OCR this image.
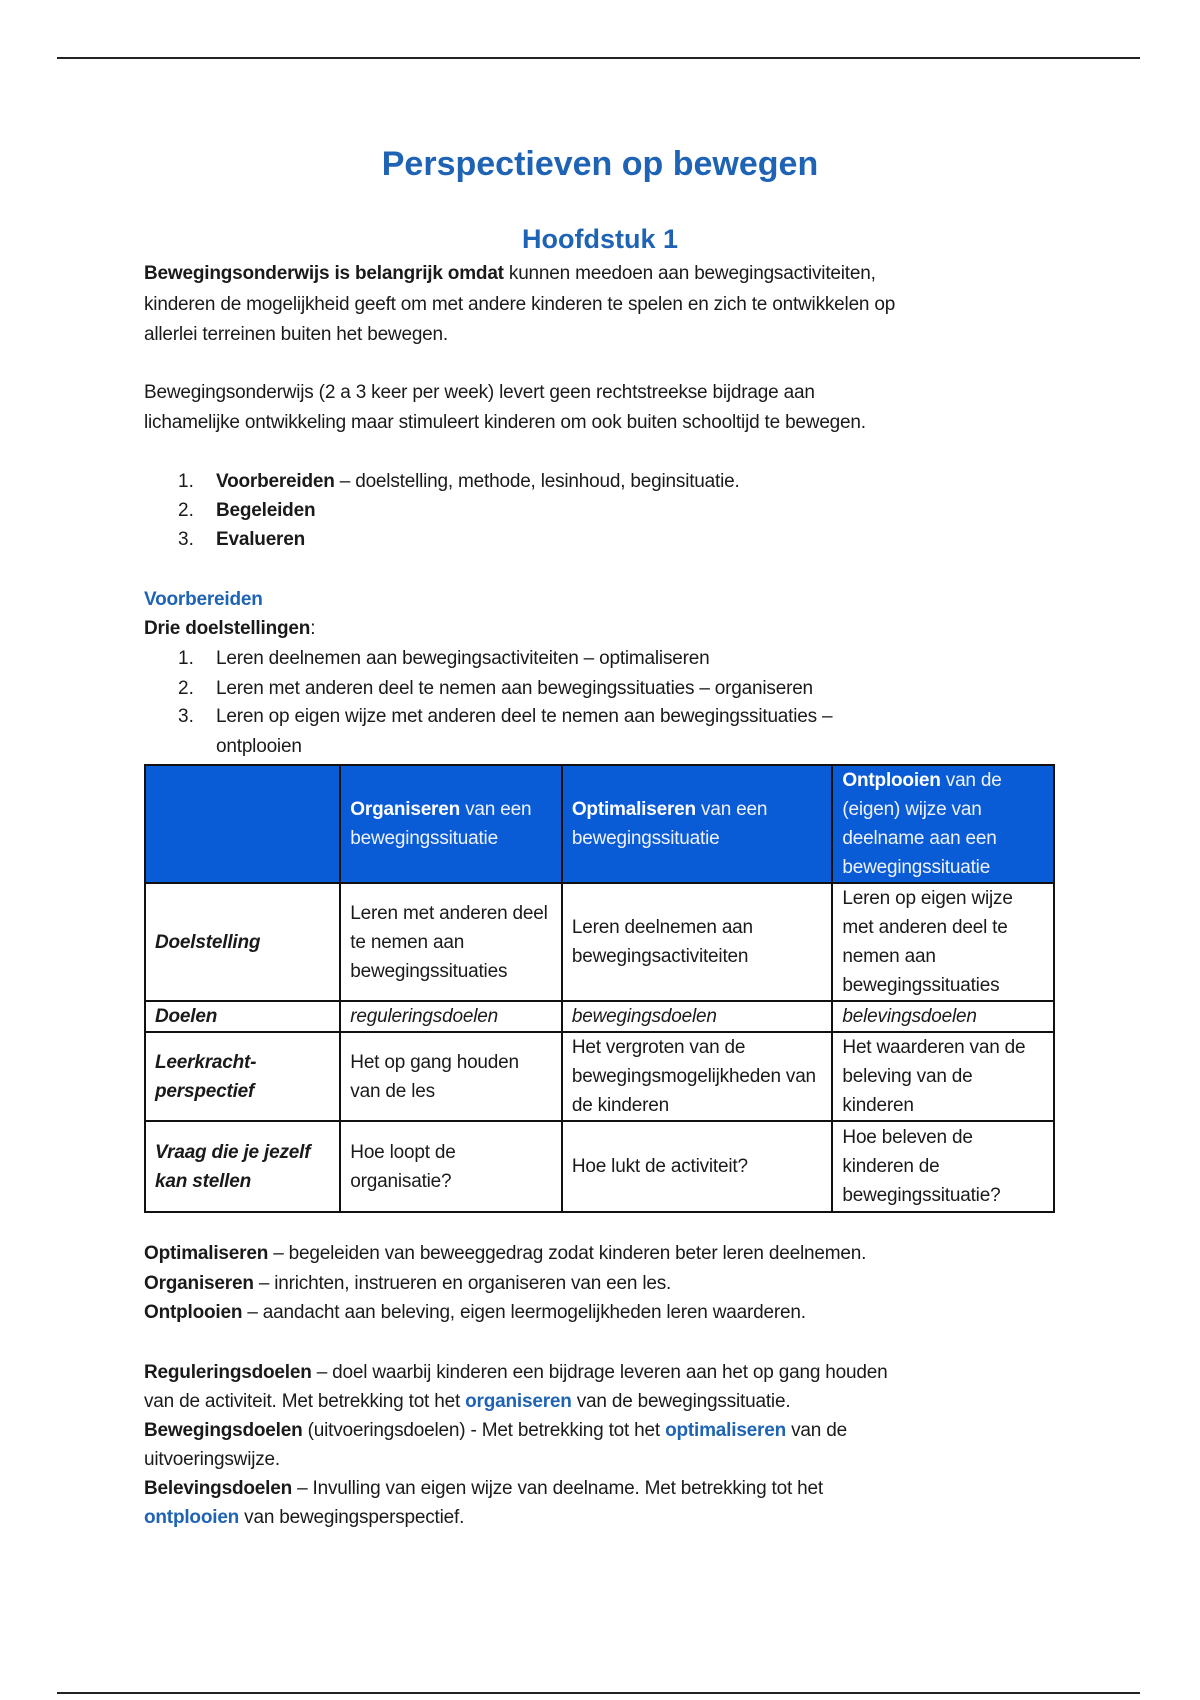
Perspectieven op bewegen
Hoofdstuk 1
Bewegingsonderwijs is belangrijk omdat kunnen meedoen aan bewegingsactiviteiten,
kinderen de mogelijkheid geeft om met andere kinderen te spelen en zich te ontwikkelen op
allerlei terreinen buiten het bewegen.
Bewegingsonderwijs (2 a 3 keer per week) levert geen rechtstreekse bijdrage aan
lichamelijke ontwikkeling maar stimuleert kinderen om ook buiten schooltijd te bewegen.
1. Voorbereiden – doelstelling, methode, lesinhoud, beginsituatie.
2. Begeleiden
3. Evalueren
Voorbereiden
Drie doelstellingen:
1. Leren deelnemen aan bewegingsactiviteiten – optimaliseren
2. Leren met anderen deel te nemen aan bewegingssituaties – organiseren
3. Leren op eigen wijze met anderen deel te nemen aan bewegingssituaties –
ontplooien
	Organiseren van een bewegingssituatie	Optimaliseren van een bewegingssituatie	Ontplooien van de (eigen) wijze van deelname aan een bewegingssituatie
Doelstelling	Leren met anderen deel te nemen aan bewegingssituaties	Leren deelnemen aan bewegingsactiviteiten	Leren op eigen wijze met anderen deel te nemen aan bewegingssituaties
Doelen	reguleringsdoelen	bewegingsdoelen	belevingsdoelen
Leerkracht-perspectief	Het op gang houden van de les	Het vergroten van de bewegingsmogelijkheden van de kinderen	Het waarderen van de beleving van de kinderen
Vraag die je jezelf kan stellen	Hoe loopt de organisatie?	Hoe lukt de activiteit?	Hoe beleven de kinderen de bewegingssituatie?
Optimaliseren – begeleiden van beweeggedrag zodat kinderen beter leren deelnemen.
Organiseren – inrichten, instrueren en organiseren van een les.
Ontplooien – aandacht aan beleving, eigen leermogelijkheden leren waarderen.
Reguleringsdoelen – doel waarbij kinderen een bijdrage leveren aan het op gang houden
van de activiteit. Met betrekking tot het organiseren van de bewegingssituatie.
Bewegingsdoelen (uitvoeringsdoelen) - Met betrekking tot het optimaliseren van de
uitvoeringswijze.
Belevingsdoelen – Invulling van eigen wijze van deelname. Met betrekking tot het
ontplooien van bewegingsperspectief.
